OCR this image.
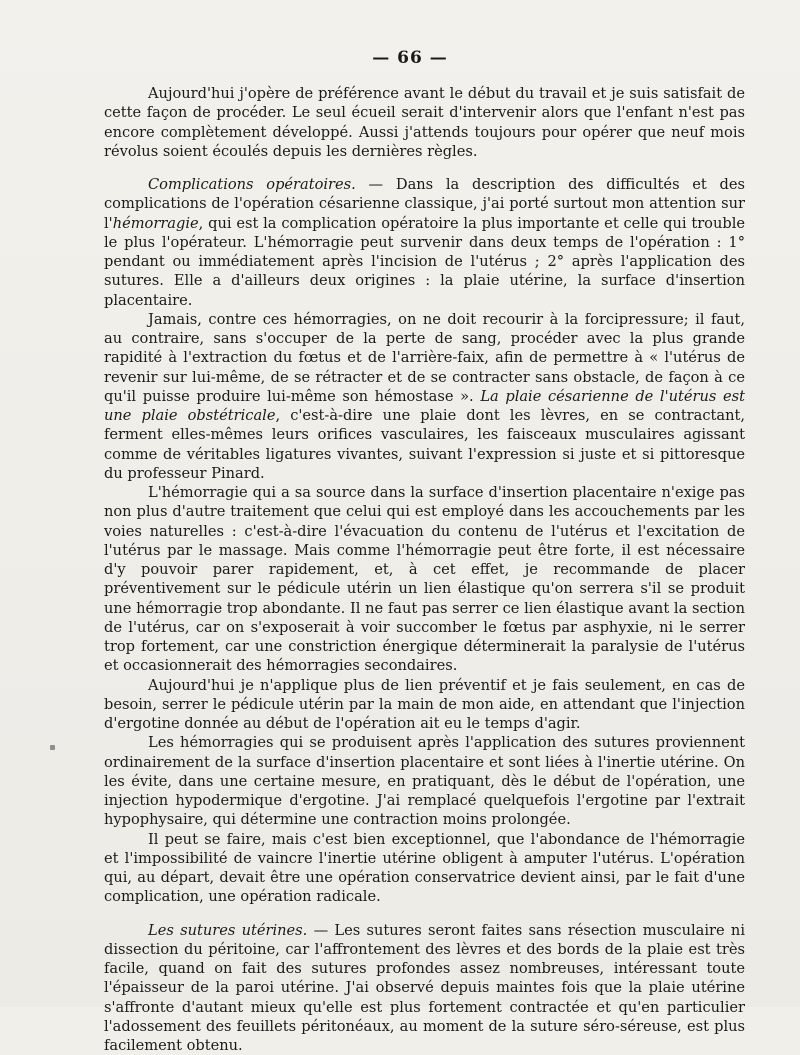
— 66 —

Aujourd'hui j'opère de préférence avant le début du travail et je suis satisfait de cette façon de procéder. Le seul écueil serait d'intervenir alors que l'enfant n'est pas encore complètement développé. Aussi j'attends toujours pour opérer que neuf mois révolus soient écoulés depuis les dernières règles.

Complications opératoires. — Dans la description des difficultés et des complications de l'opération césarienne classique, j'ai porté surtout mon attention sur l'hémorragie, qui est la complication opératoire la plus importante et celle qui trouble le plus l'opérateur. L'hémorragie peut survenir dans deux temps de l'opération : 1° pendant ou immédiatement après l'incision de l'utérus ; 2° après l'application des sutures. Elle a d'ailleurs deux origines : la plaie utérine, la surface d'insertion placentaire.

Jamais, contre ces hémorragies, on ne doit recourir à la forcipressure; il faut, au contraire, sans s'occuper de la perte de sang, procéder avec la plus grande rapidité à l'extraction du fœtus et de l'arrière-faix, afin de permettre à « l'utérus de revenir sur lui-même, de se rétracter et de se contracter sans obstacle, de façon à ce qu'il puisse produire lui-même son hémostase ». La plaie césarienne de l'utérus est une plaie obstétricale, c'est-à-dire une plaie dont les lèvres, en se contractant, ferment elles-mêmes leurs orifices vasculaires, les faisceaux musculaires agissant comme de véritables ligatures vivantes, suivant l'expression si juste et si pittoresque du professeur Pinard.

L'hémorragie qui a sa source dans la surface d'insertion placentaire n'exige pas non plus d'autre traitement que celui qui est employé dans les accouchements par les voies naturelles : c'est-à-dire l'évacuation du contenu de l'utérus et l'excitation de l'utérus par le massage. Mais comme l'hémorragie peut être forte, il est nécessaire d'y pouvoir parer rapidement, et, à cet effet, je recommande de placer préventivement sur le pédicule utérin un lien élastique qu'on serrera s'il se produit une hémorragie trop abondante. Il ne faut pas serrer ce lien élastique avant la section de l'utérus, car on s'exposerait à voir succomber le fœtus par asphyxie, ni le serrer trop fortement, car une constriction énergique déterminerait la paralysie de l'utérus et occasionnerait des hémorragies secondaires.

Aujourd'hui je n'applique plus de lien préventif et je fais seulement, en cas de besoin, serrer le pédicule utérin par la main de mon aide, en attendant que l'injection d'ergotine donnée au début de l'opération ait eu le temps d'agir.

Les hémorragies qui se produisent après l'application des sutures proviennent ordinairement de la surface d'insertion placentaire et sont liées à l'inertie utérine. On les évite, dans une certaine mesure, en pratiquant, dès le début de l'opération, une injection hypodermique d'ergotine. J'ai remplacé quelquefois l'ergotine par l'extrait hypophysaire, qui détermine une contraction moins prolongée.

Il peut se faire, mais c'est bien exceptionnel, que l'abondance de l'hémorragie et l'impossibilité de vaincre l'inertie utérine obligent à amputer l'utérus. L'opération qui, au départ, devait être une opération conservatrice devient ainsi, par le fait d'une complication, une opération radicale.

Les sutures utérines. — Les sutures seront faites sans résection musculaire ni dissection du péritoine, car l'affrontement des lèvres et des bords de la plaie est très facile, quand on fait des sutures profondes assez nombreuses, intéressant toute l'épaisseur de la paroi utérine. J'ai observé depuis maintes fois que la plaie utérine s'affronte d'autant mieux qu'elle est plus fortement contractée et qu'en particulier l'adossement des feuillets péritonéaux, au moment de la suture séro-séreuse, est plus facilement obtenu.
